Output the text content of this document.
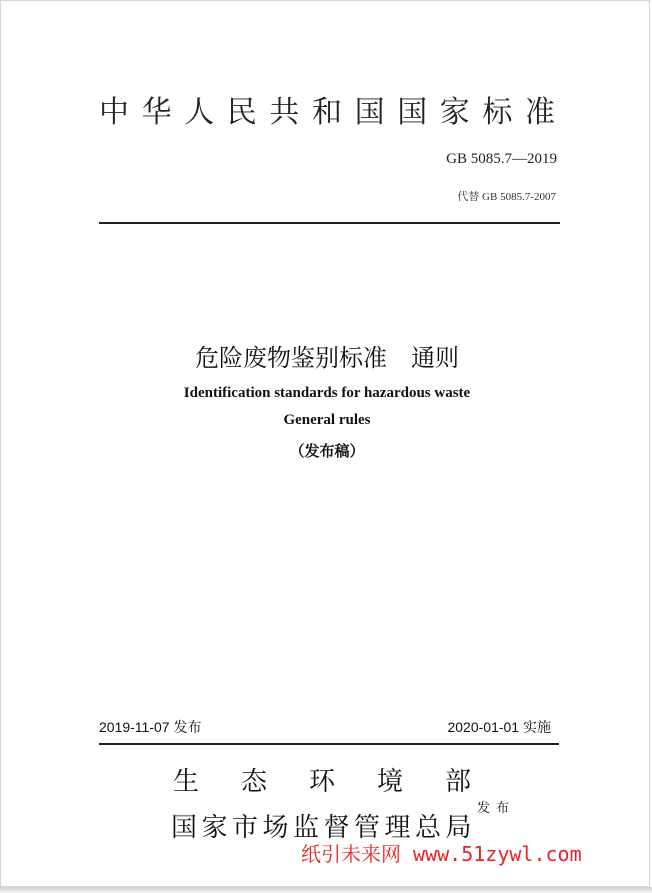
中华人民共和国国家标准
GB 5085.7—2019
代替 GB 5085.7-2007
危险废物鉴别标准　通则
Identification standards for hazardous waste
General rules
（发布稿）
2019-11-07 发布	2020-01-01 实施
生态环境部
国家市场监督管理总局
发布
纸引未来网 www.51zywl.com
